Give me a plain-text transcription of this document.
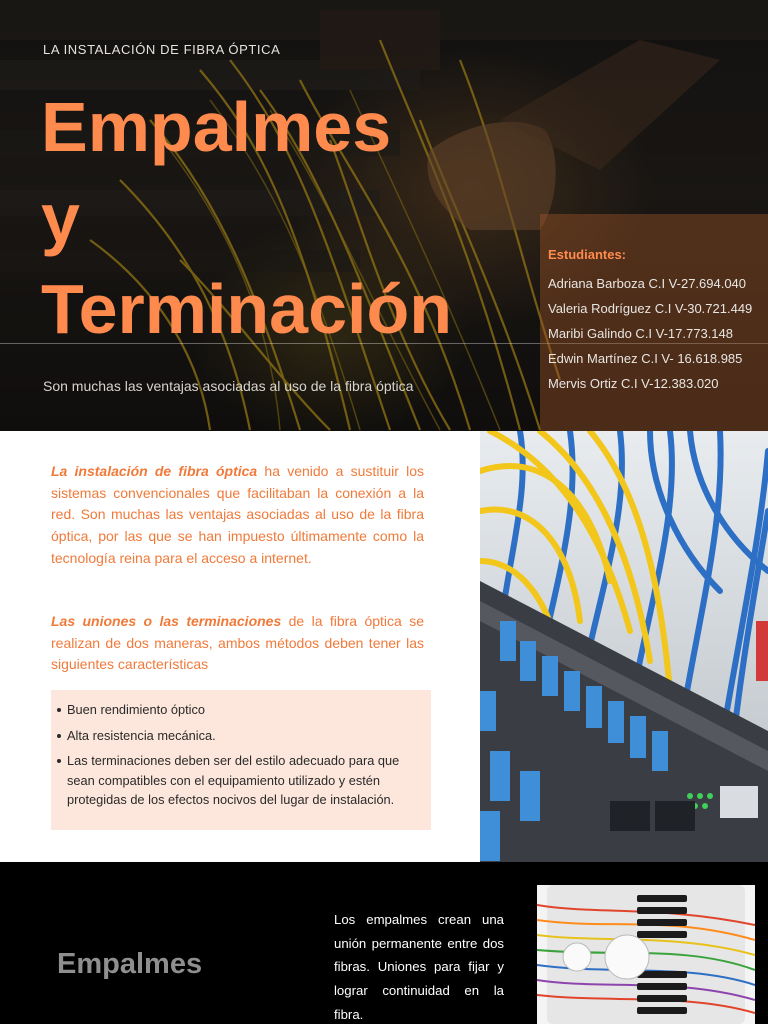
LA INSTALACIÓN DE FIBRA ÓPTICA
Empalmes
y
Terminación
Son muchas las ventajas asociadas al uso de la fibra óptica
Estudiantes:
Adriana Barboza C.I V-27.694.040
Valeria Rodríguez C.I V-30.721.449
Maribi Galindo C.I V-17.773.148
Edwin Martínez C.I V- 16.618.985
Mervis Ortiz C.I V-12.383.020

La instalación de fibra óptica ha venido a sustituir los sistemas convencionales que facilitaban la conexión a la red. Son muchas las ventajas asociadas al uso de la fibra óptica, por las que se han impuesto últimamente como la tecnología reina para el acceso a internet.

Las uniones o las terminaciones de la fibra óptica se realizan de dos maneras, ambos métodos deben tener las siguientes características

Buen rendimiento óptico
Alta resistencia mecánica.
Las terminaciones deben ser del estilo adecuado para que sean compatibles con el equipamiento utilizado y estén protegidas de los efectos nocivos del lugar de instalación.
Empalmes

Los empalmes crean una unión permanente entre dos fibras. Uniones para fijar y lograr continuidad en la fibra.
